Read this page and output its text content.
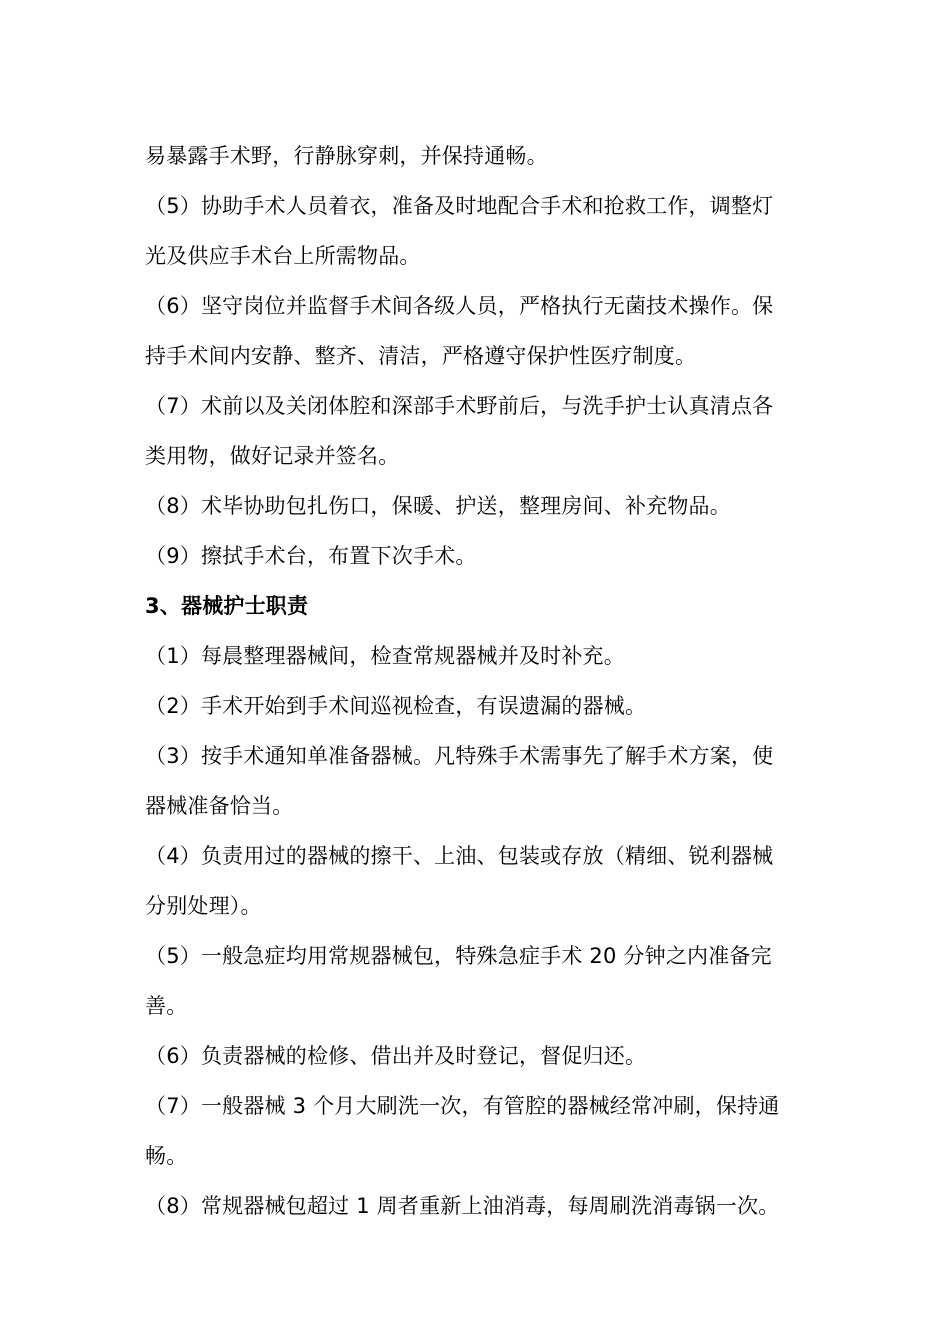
易暴露手术野，行静脉穿刺，并保持通畅。
（5）协助手术人员着衣，准备及时地配合手术和抢救工作，调整灯
光及供应手术台上所需物品。
（6）坚守岗位并监督手术间各级人员，严格执行无菌技术操作。保
持手术间内安静、整齐、清洁，严格遵守保护性医疗制度。
（7）术前以及关闭体腔和深部手术野前后，与洗手护士认真清点各
类用物，做好记录并签名。
（8）术毕协助包扎伤口，保暖、护送，整理房间、补充物品。
（9）擦拭手术台，布置下次手术。
3、器械护士职责
（1）每晨整理器械间，检查常规器械并及时补充。
（2）手术开始到手术间巡视检查，有误遗漏的器械。
（3）按手术通知单准备器械。凡特殊手术需事先了解手术方案，使
器械准备恰当。
（4）负责用过的器械的擦干、上油、包装或存放（精细、锐利器械
分别处理）。
（5）一般急症均用常规器械包，特殊急症手术 20 分钟之内准备完
善。
（6）负责器械的检修、借出并及时登记，督促归还。
（7）一般器械 3 个月大刷洗一次，有管腔的器械经常冲刷，保持通
畅。
（8）常规器械包超过 1 周者重新上油消毒，每周刷洗消毒锅一次。
